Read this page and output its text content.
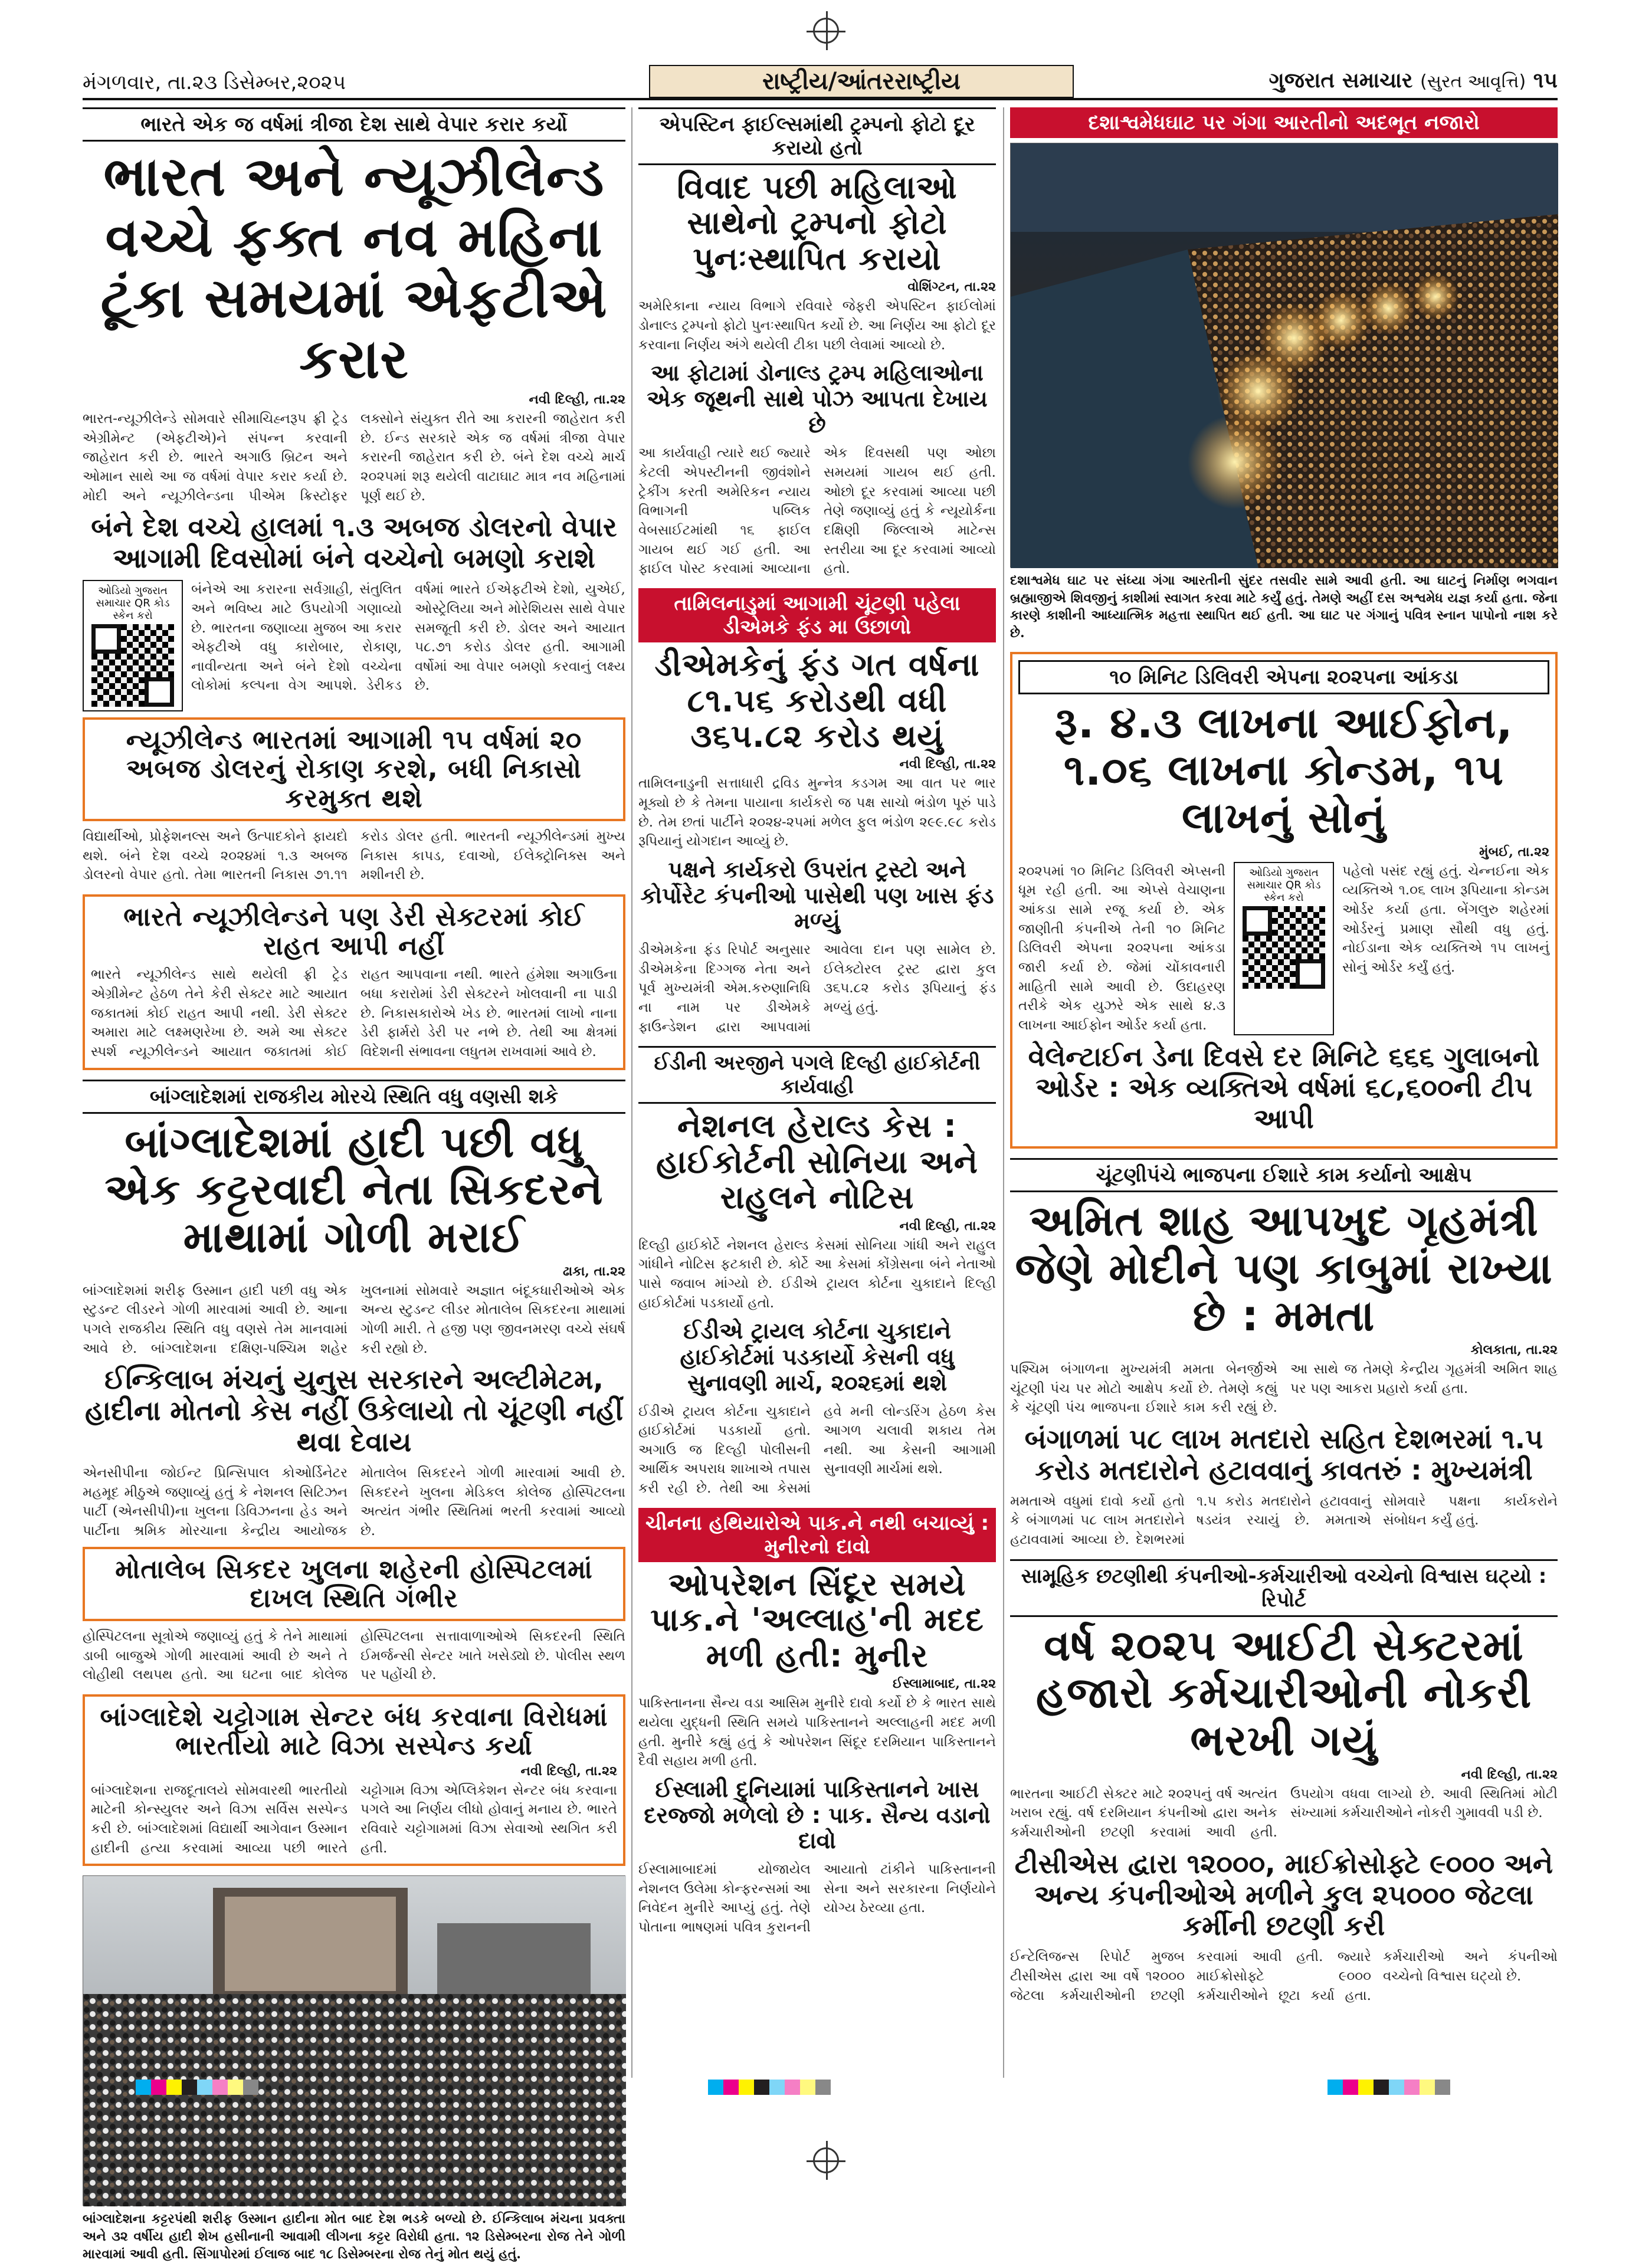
મંગળવાર, તા.૨૩ ડિસેમ્બર,૨૦૨૫	રાષ્ટ્રીય/આંતરરાષ્ટ્રીય	ગુજરાત સમાચાર (સુરત આવૃત્તિ) ૧૫
ભારતે એક જ વર્ષમાં ત્રીજા દેશ સાથે વેપાર કરાર કર્યો
ભારત અને ન્યૂઝીલેન્ડ વચ્ચે ફક્ત નવ મહિના ટૂંકા સમયમાં એફટીએ કરાર
નવી દિલ્હી, તા.૨૨
ભારત-ન્યૂઝીલેન્ડે સોમવારે સીમાચિહ્નરૂપ ફ્રી ટ્રેડ એગ્રીમેન્ટ (એફટીએ)ને સંપન્ન કરવાની જાહેરાત કરી છે. ભારતે અગાઉ બ્રિટન અને ઓમાન સાથે આ જ વર્ષમાં વેપાર કરાર કર્યા છે. મોદી અને ન્યૂઝીલેન્ડના પીએમ ક્રિસ્ટોફર લક્સોને સંયુક્ત રીતે આ કરારની જાહેરાત કરી છે. ઈન્ડ સરકારે એક જ વર્ષમાં ત્રીજા વેપાર કરારની જાહેરાત કરી છે. બંને દેશ વચ્ચે માર્ચ ૨૦૨૫માં શરૂ થયેલી વાટાઘાટ માત્ર નવ મહિનામાં પૂર્ણ થઈ છે.
બંને દેશ વચ્ચે હાલમાં ૧.૩ અબજ ડોલરનો વેપાર આગામી દિવસોમાં બંને વચ્ચેનો બમણો કરાશે
ઓડિયો ગુજરાત સમાચાર QR કોડ સ્કેન કરો
બંનેએ આ કરારના સર્વગ્રાહી, સંતુલિત અને ભવિષ્ય માટે ઉપયોગી ગણાવ્યો છે. ભારતના જણાવ્યા મુજબ આ કરાર એફટીએ વધુ કારોબાર, રોકાણ, નાવીન્યતા અને બંને દેશો વચ્ચેના લોકોમાં કલ્પના વેગ આપશે. ડેરીકડ વર્ષમાં ભારતે ઈએફટીએ દેશો, યુએઈ, ઓસ્ટ્રેલિયા અને મોરેશિયસ સાથે વેપાર સમજૂતી કરી છે. ડોલર અને આયાત ૫૮.૭૧ કરોડ ડોલર હતી. આગામી વર્ષોમાં આ વેપાર બમણો કરવાનું લક્ષ્ય છે.
ન્યૂઝીલેન્ડ ભારતમાં આગામી ૧૫ વર્ષમાં ૨૦ અબજ ડોલરનું રોકાણ કરશે, બધી નિકાસો કરમુક્ત થશે
વિદ્યાર્થીઓ, પ્રોફેશનલ્સ અને ઉત્પાદકોને ફાયદો થશે. બંને દેશ વચ્ચે ૨૦૨૪માં ૧.૩ અબજ ડોલરનો વેપાર હતો. તેમા ભારતની નિકાસ ૭૧.૧૧ કરોડ ડોલર હતી. ભારતની ન્યૂઝીલેન્ડમાં મુખ્ય નિકાસ કાપડ, દવાઓ, ઈલેક્ટ્રોનિક્સ અને મશીનરી છે.
ભારતે ન્યૂઝીલેન્ડને પણ ડેરી સેક્ટરમાં કોઈ રાહત આપી નહીં
ભારતે ન્યૂઝીલેન્ડ સાથે થયેલી ફ્રી ટ્રેડ એગ્રીમેન્ટ હેઠળ તેને કેરી સેક્ટર માટે આયાત જકાતમાં કોઈ રાહત આપી નથી. ડેરી સેક્ટર અમારા માટે લક્ષ્મણરેખા છે. અમે આ સેક્ટર સ્પર્શ ન્યૂઝીલેન્ડને આયાત જકાતમાં કોઈ રાહત આપવાના નથી. ભારતે હંમેશા અગાઉના બધા કરારોમાં ડેરી સેક્ટરને ખોલવાની ના પાડી છે. નિકાસકારોએ ખેડ છે. ભારતમાં લાખો નાના ડેરી ફાર્મરો ડેરી પર નભે છે. તેથી આ ક્ષેત્રમાં વિદેશની સંભાવના લધુતમ રાખવામાં આવે છે.
બાંગ્લાદેશમાં રાજકીય મોરચે સ્થિતિ વધુ વણસી શકે
બાંગ્લાદેશમાં હાદી પછી વધુ એક કટ્ટરવાદી નેતા સિકદરને માથામાં ગોળી મરાઈ
ઢાકા, તા.૨૨
બાંગ્લાદેશમાં શરીફ ઉસ્માન હાદી પછી વધુ એક સ્ટુડન્ટ લીડરને ગોળી મારવામાં આવી છે. આના પગલે રાજકીય સ્થિતિ વધુ વણસે તેમ માનવામાં આવે છે. બાંગ્લાદેશના દક્ષિણ-પશ્ચિમ શહેર ખુલનામાં સોમવારે અજ્ઞાત બંદૂકધારીઓએ એક અન્ય સ્ટુડન્ટ લીડર મોતાલેબ સિકદરના માથામાં ગોળી મારી. તે હજી પણ જીવનમરણ વચ્ચે સંઘર્ષ કરી રહ્યો છે.
ઈન્કિલાબ મંચનું યુનુસ સરકારને અલ્ટીમેટમ, હાદીના મોતનો કેસ નહીં ઉકેલાયો તો ચૂંટણી નહીં થવા દેવાય
એનસીપીના જોઈન્ટ પ્રિન્સિપાલ કોઓર્ડિનેટર મહમૂદ મીઠુએ જણાવ્યું હતું કે નેશનલ સિટિઝન પાર્ટી (એનસીપી)ના ખુલના ડિવિઝનના હેડ અને પાર્ટીના શ્રમિક મોરચાના કેન્દ્રીય આયોજક મોતાલેબ સિકદરને ગોળી મારવામાં આવી છે. સિકદરને ખુલના મેડિકલ કોલેજ હોસ્પિટલના અત્યંત ગંભીર સ્થિતિમાં ભરતી કરવામાં આવ્યો છે.
મોતાલેબ સિકદર ખુલના શહેરની હોસ્પિટલમાં દાખલ સ્થિતિ ગંભીર
હોસ્પિટલના સૂત્રોએ જણાવ્યું હતું કે તેને માથામાં ડાબી બાજુએ ગોળી મારવામાં આવી છે અને તે લોહીથી લથપથ હતો. આ ઘટના બાદ કોલેજ હોસ્પિટલના સત્તાવાળાઓએ સિકદરની સ્થિતિ ઈમર્જન્સી સેન્ટર ખાતે ખસેડ્યો છે. પોલીસ સ્થળ પર પહોંચી છે.
બાંગ્લાદેશે ચટ્ટોગામ સેન્ટર બંધ કરવાના વિરોધમાં ભારતીયો માટે વિઝા સસ્પેન્ડ કર્યા
નવી દિલ્હી, તા.૨૨
બાંગ્લાદેશના રાજદૂતાલયે સોમવારથી ભારતીયો માટેની કોન્સ્યુલર અને વિઝા સર્વિસ સસ્પેન્ડ કરી છે. બાંગ્લાદેશમાં વિદ્યાર્થી આગેવાન ઉસ્માન હાદીની હત્યા કરવામાં આવ્યા પછી ભારતે ચટ્ટોગામ વિઝા એપ્લિકેશન સેન્ટર બંધ કરવાના પગલે આ નિર્ણય લીધો હોવાનું મનાય છે. ભારતે રવિવારે ચટ્ટોગામમાં વિઝા સેવાઓ સ્થગિત કરી હતી.
બાંગ્લાદેશના કટ્ટરપંથી શરીફ ઉસ્માન હાદીના મોત બાદ દેશ ભડકે બળ્યો છે. ઈન્કિલાબ મંચના પ્રવક્તા અને ૩૨ વર્ષીય હાદી શેખ હસીનાની આવામી લીગના કટ્ટર વિરોધી હતા. ૧૨ ડિસેમ્બરના રોજ તેને ગોળી મારવામાં આવી હતી. સિંગાપોરમાં ઈલાજ બાદ ૧૮ ડિસેમ્બરના રોજ તેનું મોત થયું હતું.
એપસ્ટિન ફાઈલ્સમાંથી ટ્રમ્પનો ફોટો દૂર કરાયો હતો
વિવાદ પછી મહિલાઓ સાથેનો ટ્રમ્પનો ફોટો પુનઃસ્થાપિત કરાયો
વોશિંગ્ટન, તા.૨૨
અમેરિકાના ન્યાય વિભાગે રવિવારે જેફરી એપસ્ટિન ફાઈલોમાં ડોનાલ્ડ ટ્રમ્પનો ફોટો પુનઃસ્થાપિત કર્યો છે. આ નિર્ણય આ ફોટો દૂર કરવાના નિર્ણય અંગે થયેલી ટીકા પછી લેવામાં આવ્યો છે.
આ ફોટામાં ડોનાલ્ડ ટ્રમ્પ મહિલાઓના એક જૂથની સાથે પોઝ આપતા દેખાય છે
આ કાર્યવાહી ત્યારે થઈ જ્યારે કેટલી એપસ્ટીનની જીવંશોને ટ્રેકીંગ કરતી અમેરિકન ન્યાય વિભાગની પબ્લિક વેબસાઈટમાંથી ૧૬ ફાઈલ ગાયબ થઈ ગઈ હતી. આ ફાઈલ પોસ્ટ કરવામાં આવ્યાના એક દિવસથી પણ ઓછા સમયમાં ગાયબ થઈ હતી. ઓછો દૂર કરવામાં આવ્યા પછી તેણે જણાવ્યું હતું કે ન્યૂયોર્કના દક્ષિણી જિલ્લાએ માટેન્સ સ્તરીયા આ દૂર કરવામાં આવ્યો હતો.
તામિલનાડુમાં આગામી ચૂંટણી પહેલા ડીએમકે ફંડ મા ઉછાળો
ડીએમકેનું ફંડ ગત વર્ષના ૮૧.૫૬ કરોડથી વધી ૩૬૫.૮૨ કરોડ થયું
નવી દિલ્હી, તા.૨૨
તામિલનાડુની સત્તાધારી દ્રવિડ મુન્નેત્ર કડગમ આ વાત પર ભાર મૂક્યો છે કે તેમના પાયાના કાર્યકરો જ પક્ષ સાચો ભંડોળ પૂરું પાડે છે. તેમ છતાં પાર્ટીને ૨૦૨૪-૨૫માં મળેલ ફુલ ભંડોળ ૨૯૯.૯૮ કરોડ રૂપિયાનું યોગદાન આવ્યું છે.
પક્ષને કાર્યકરો ઉપરાંત ટ્રસ્ટો અને કોર્પોરેટ કંપનીઓ પાસેથી પણ ખાસ ફંડ મળ્યું
ડીએમકેના ફંડ રિપોર્ટ અનુસાર ડીએમકેના દિગ્ગજ નેતા અને પૂર્વ મુખ્યમંત્રી એમ.કરુણાનિધિ ના નામ પર ડીએમકે ફાઉન્ડેશન દ્વારા આપવામાં આવેલા દાન પણ સામેલ છે. ઈલેક્ટોરલ ટ્રસ્ટ દ્વારા કુલ ૩૬૫.૮૨ કરોડ રૂપિયાનું ફંડ મળ્યું હતું.
ઈડીની અરજીને પગલે દિલ્હી હાઈકોર્ટની કાર્યવાહી
નેશનલ હેરાલ્ડ કેસ : હાઈકોર્ટની સોનિયા અને રાહુલને નોટિસ
નવી દિલ્હી, તા.૨૨
દિલ્હી હાઈકોર્ટે નેશનલ હેરાલ્ડ કેસમાં સોનિયા ગાંધી અને રાહુલ ગાંધીને નોટિસ ફટકારી છે. કોર્ટે આ કેસમાં કોંગ્રેસના બંને નેતાઓ પાસે જવાબ માંગ્યો છે. ઈડીએ ટ્રાયલ કોર્ટના ચુકાદાને દિલ્હી હાઈકોર્ટમાં પડકાર્યો હતો.
ઈડીએ ટ્રાયલ કોર્ટના ચુકાદાને હાઈકોર્ટમાં પડકાર્યો કેસની વધુ સુનાવણી માર્ચ, ૨૦૨૬માં થશે
ઈડીએ ટ્રાયલ કોર્ટના ચુકાદાને હાઈકોર્ટમાં પડકાર્યો હતો. અગાઉ જ દિલ્હી પોલીસની આર્થિક અપરાધ શાખાએ તપાસ કરી રહી છે. તેથી આ કેસમાં હવે મની લોન્ડરિંગ હેઠળ કેસ આગળ ચલાવી શકાય તેમ નથી. આ કેસની આગામી સુનાવણી માર્ચમાં થશે.
ચીનના હથિયારોએ પાક.ને નથી બચાવ્યું : મુનીરનો દાવો
ઓપરેશન સિંદૂર સમયે પાક.ને 'અલ્લાહ'ની મદદ મળી હતી: મુનીર
ઈસ્લામાબાદ, તા.૨૨
પાકિસ્તાનના સૈન્ય વડા આસિમ મુનીરે દાવો કર્યો છે કે ભારત સાથે થયેલા યુદ્ધની સ્થિતિ સમયે પાકિસ્તાનને અલ્લાહની મદદ મળી હતી. મુનીરે કહ્યું હતું કે ઓપરેશન સિંદૂર દરમિયાન પાકિસ્તાનને દૈવી સહાય મળી હતી.
ઈસ્લામી દુનિયામાં પાકિસ્તાનને ખાસ દરજ્જો મળેલો છે : પાક. સૈન્ય વડાનો દાવો
ઈસ્લામાબાદમાં યોજાયેલ નેશનલ ઉલેમા કોન્ફરન્સમાં આ નિવેદન મુનીરે આપ્યું હતું. તેણે પોતાના ભાષણમાં પવિત્ર કુરાનની આયાતો ટાંકીને પાકિસ્તાનની સેના અને સરકારના નિર્ણયોને યોગ્ય ઠેરવ્યા હતા.
દશાશ્વમેધઘાટ પર ગંગા આરતીનો અદભૂત નજારો
દશાશ્વમેધ ઘાટ પર સંધ્યા ગંગા આરતીની સુંદર તસવીર સામે આવી હતી. આ ઘાટનું નિર્માણ ભગવાન બ્રહ્માજીએ શિવજીનું કાશીમાં સ્વાગત કરવા માટે કર્યું હતું. તેમણે અહીં દસ અશ્વમેધ યજ્ઞ કર્યા હતા. જેના કારણે કાશીની આધ્યાત્મિક મહત્તા સ્થાપિત થઈ હતી. આ ઘાટ પર ગંગાનું પવિત્ર સ્નાન પાપોનો નાશ કરે છે.
૧૦ મિનિટ ડિલિવરી એપના ૨૦૨૫ના આંકડા
રૂ. ૪.૩ લાખના આઈફોન, ૧.૦૬ લાખના કોન્ડમ, ૧૫ લાખનું સોનું
મુંબઈ, તા.૨૨
૨૦૨૫માં ૧૦ મિનિટ ડિલિવરી એપ્સની ધૂમ રહી હતી. આ એપ્સે વેચાણના આંકડા સામે રજૂ કર્યા છે. એક જાણીતી કંપનીએ તેની ૧૦ મિનિટ ડિલિવરી એપના ૨૦૨૫ના આંકડા જારી કર્યા છે. જેમાં ચોંકાવનારી માહિતી સામે આવી છે. ઉદાહરણ તરીકે એક યુઝરે એક સાથે ૪.૩ લાખના આઈફોન ઓર્ડર કર્યા હતા.
ઓડિયો ગુજરાત સમાચાર QR કોડ સ્કેન કરો
પહેલો પસંદ રહ્યું હતું. ચેન્નઈના એક વ્યક્તિએ ૧.૦૬ લાખ રૂપિયાના કોન્ડમ ઓર્ડર કર્યા હતા. બેંગલુરુ શહેરમાં ઓર્ડરનું પ્રમાણ સૌથી વધુ હતું. નોઈડાના એક વ્યક્તિએ ૧૫ લાખનું સોનું ઓર્ડર કર્યું હતું.
વેલેન્ટાઈન ડેના દિવસે દર મિનિટે ૬૬૬ ગુલાબનો ઓર્ડર : એક વ્યક્તિએ વર્ષમાં ૬૮,૬૦૦ની ટીપ આપી
ચૂંટણીપંચે ભાજપના ઈશારે કામ કર્યાનો આક્ષેપ
અમિત શાહ આપખુદ ગૃહમંત્રી જેણે મોદીને પણ કાબુમાં રાખ્યા છે : મમતા
કોલકાતા, તા.૨૨
પશ્ચિમ બંગાળના મુખ્યમંત્રી મમતા બેનર્જીએ ચૂંટણી પંચ પર મોટો આક્ષેપ કર્યો છે. તેમણે કહ્યું કે ચૂંટણી પંચ ભાજપના ઈશારે કામ કરી રહ્યું છે. આ સાથે જ તેમણે કેન્દ્રીય ગૃહમંત્રી અમિત શાહ પર પણ આકરા પ્રહારો કર્યા હતા.
બંગાળમાં ૫૮ લાખ મતદારો સહિત દેશભરમાં ૧.૫ કરોડ મતદારોને હટાવવાનું કાવતરું : મુખ્યમંત્રી
મમતાએ વધુમાં દાવો કર્યો હતો કે બંગાળમાં ૫૮ લાખ મતદારોને હટાવવામાં આવ્યા છે. દેશભરમાં ૧.૫ કરોડ મતદારોને હટાવવાનું ષડયંત્ર રચાયું છે. મમતાએ સોમવારે પક્ષના કાર્યકરોને સંબોધન કર્યું હતું.
સામૂહિક છટણીથી કંપનીઓ-કર્મચારીઓ વચ્ચેનો વિશ્વાસ ઘટ્યો : રિપોર્ટ
વર્ષ ૨૦૨૫ આઈટી સેક્ટરમાં હજારો કર્મચારીઓની નોકરી ભરખી ગયું
નવી દિલ્હી, તા.૨૨
ભારતના આઈટી સેક્ટર માટે ૨૦૨૫નું વર્ષ અત્યંત ખરાબ રહ્યું. વર્ષ દરમિયાન કંપનીઓ દ્વારા અનેક કર્મચારીઓની છટણી કરવામાં આવી હતી. ઉપયોગ વધવા લાગ્યો છે. આવી સ્થિતિમાં મોટી સંખ્યામાં કર્મચારીઓને નોકરી ગુમાવવી પડી છે.
ટીસીએસ દ્વારા ૧૨૦૦૦, માઈક્રોસોફ્ટે ૯૦૦૦ અને અન્ય કંપનીઓએ મળીને કુલ ૨૫૦૦૦ જેટલા કર્મીની છટણી કરી
ઈન્ટેલિજન્સ રિપોર્ટ મુજબ ટીસીએસ દ્વારા આ વર્ષે ૧૨૦૦૦ જેટલા કર્મચારીઓની છટણી કરવામાં આવી હતી. જ્યારે માઈક્રોસોફ્ટે ૯૦૦૦ કર્મચારીઓને છૂટા કર્યા હતા. કર્મચારીઓ અને કંપનીઓ વચ્ચેનો વિશ્વાસ ઘટ્યો છે.
